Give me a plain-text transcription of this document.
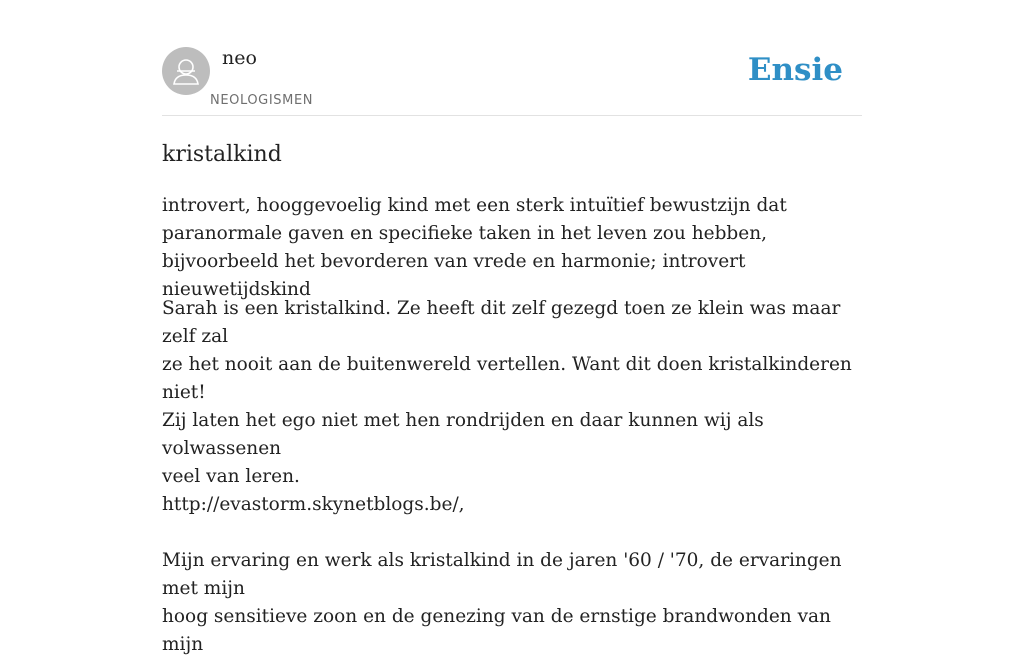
neo
NEOLOGISMEN
Ensie
kristalkind

introvert, hooggevoelig kind met een sterk intuïtief bewustzijn dat paranormale gaven en specifieke taken in het leven zou hebben, bijvoorbeeld het bevorderen van vrede en harmonie; introvert nieuwetijdskind

Sarah is een kristalkind. Ze heeft dit zelf gezegd toen ze klein was maar zelf zal
ze het nooit aan de buitenwereld vertellen. Want dit doen kristalkinderen niet!
Zij laten het ego niet met hen rondrijden en daar kunnen wij als volwassenen
veel van leren.
http://evastorm.skynetblogs.be/,
Mijn ervaring en werk als kristalkind in de jaren '60 / '70, de ervaringen met mijn
hoog sensitieve zoon en de genezing van de ernstige brandwonden van mijn
